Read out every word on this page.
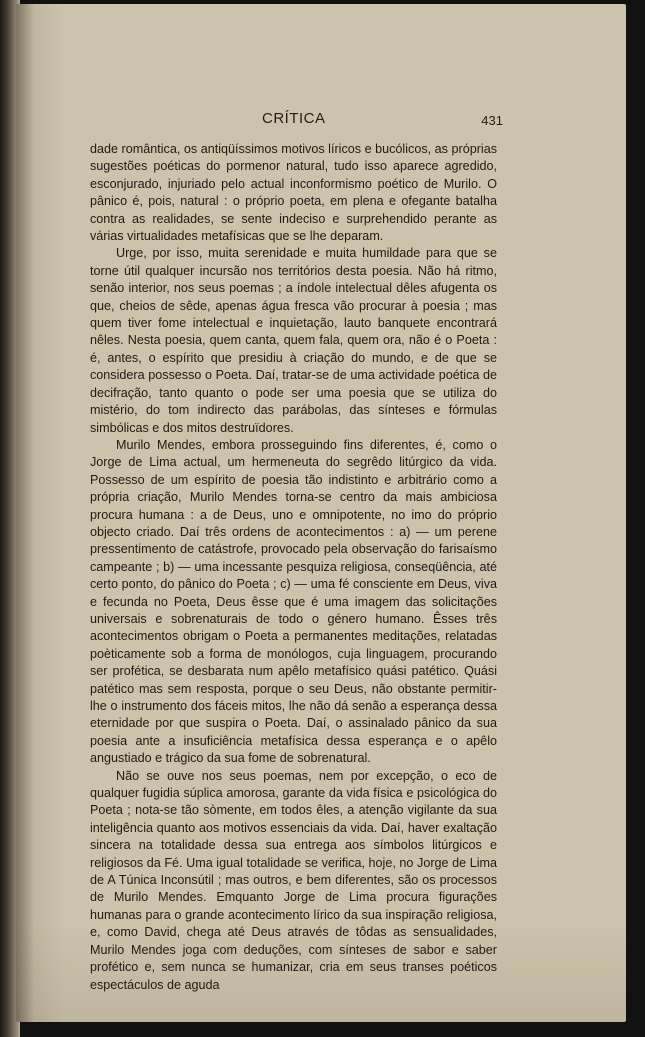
CRÍTICA	431

dade romântica, os antiqüíssimos motivos líricos e bucólicos, as próprias sugestões poéticas do pormenor natural, tudo isso aparece agredido, esconjurado, injuriado pelo actual inconformismo poético de Murilo. O pânico é, pois, natural : o próprio poeta, em plena e ofegante batalha contra as realidades, se sente indeciso e surprehendido perante as várias virtualidades metafísicas que se lhe deparam.

Urge, por isso, muita serenidade e muita humildade para que se torne útil qualquer incursão nos territórios desta poesia. Não há ritmo, senão interior, nos seus poemas ; a índole intelectual dêles afugenta os que, cheios de sêde, apenas água fresca vão procurar à poesia ; mas quem tiver fome intelectual e inquietação, lauto banquete encontrará nêles. Nesta poesia, quem canta, quem fala, quem ora, não é o Poeta : é, antes, o espírito que presidiu à criação do mundo, e de que se considera possesso o Poeta. Daí, tratar-se de uma actividade poética de decifração, tanto quanto o pode ser uma poesia que se utiliza do mistério, do tom indirecto das parábolas, das sínteses e fórmulas simbólicas e dos mitos destruïdores.

Murilo Mendes, embora prosseguindo fins diferentes, é, como o Jorge de Lima actual, um hermeneuta do segrêdo litúrgico da vida. Possesso de um espírito de poesia tão indistinto e arbitrário como a própria criação, Murilo Mendes torna-se centro da mais ambiciosa procura humana : a de Deus, uno e omnipotente, no imo do próprio objecto criado. Daí três ordens de acontecimentos : a) — um perene pressentimento de catástrofe, provocado pela observação do farisaísmo campeante ; b) — uma incessante pesquiza religiosa, conseqüência, até certo ponto, do pânico do Poeta ; c) — uma fé consciente em Deus, viva e fecunda no Poeta, Deus êsse que é uma imagem das solicitações universais e sobrenaturais de todo o género humano. Êsses três acontecimentos obrigam o Poeta a permanentes meditações, relatadas poèticamente sob a forma de monólogos, cuja linguagem, procurando ser profética, se desbarata num apêlo metafísico quási patético. Quási patético mas sem resposta, porque o seu Deus, não obstante permitir-lhe o instrumento dos fáceis mitos, lhe não dá senão a esperança dessa eternidade por que suspira o Poeta. Daí, o assinalado pânico da sua poesia ante a insuficiência metafísica dessa esperança e o apêlo angustiado e trágico da sua fome de sobrenatural.

Não se ouve nos seus poemas, nem por excepção, o eco de qualquer fugidia súplica amorosa, garante da vida física e psicológica do Poeta ; nota-se tão sòmente, em todos êles, a atenção vigilante da sua inteligência quanto aos motivos essenciais da vida. Daí, haver exaltação sincera na totalidade dessa sua entrega aos símbolos litúrgicos e religiosos da Fé. Uma igual totalidade se verifica, hoje, no Jorge de Lima de A Túnica Inconsútil ; mas outros, e bem diferentes, são os processos de Murilo Mendes. Emquanto Jorge de Lima procura figurações humanas para o grande acontecimento lírico da sua inspiração religiosa, e, como David, chega até Deus através de tôdas as sensualidades, Murilo Mendes joga com deduções, com sínteses de sabor e saber profético e, sem nunca se humanizar, cria em seus transes poéticos espectáculos de aguda
